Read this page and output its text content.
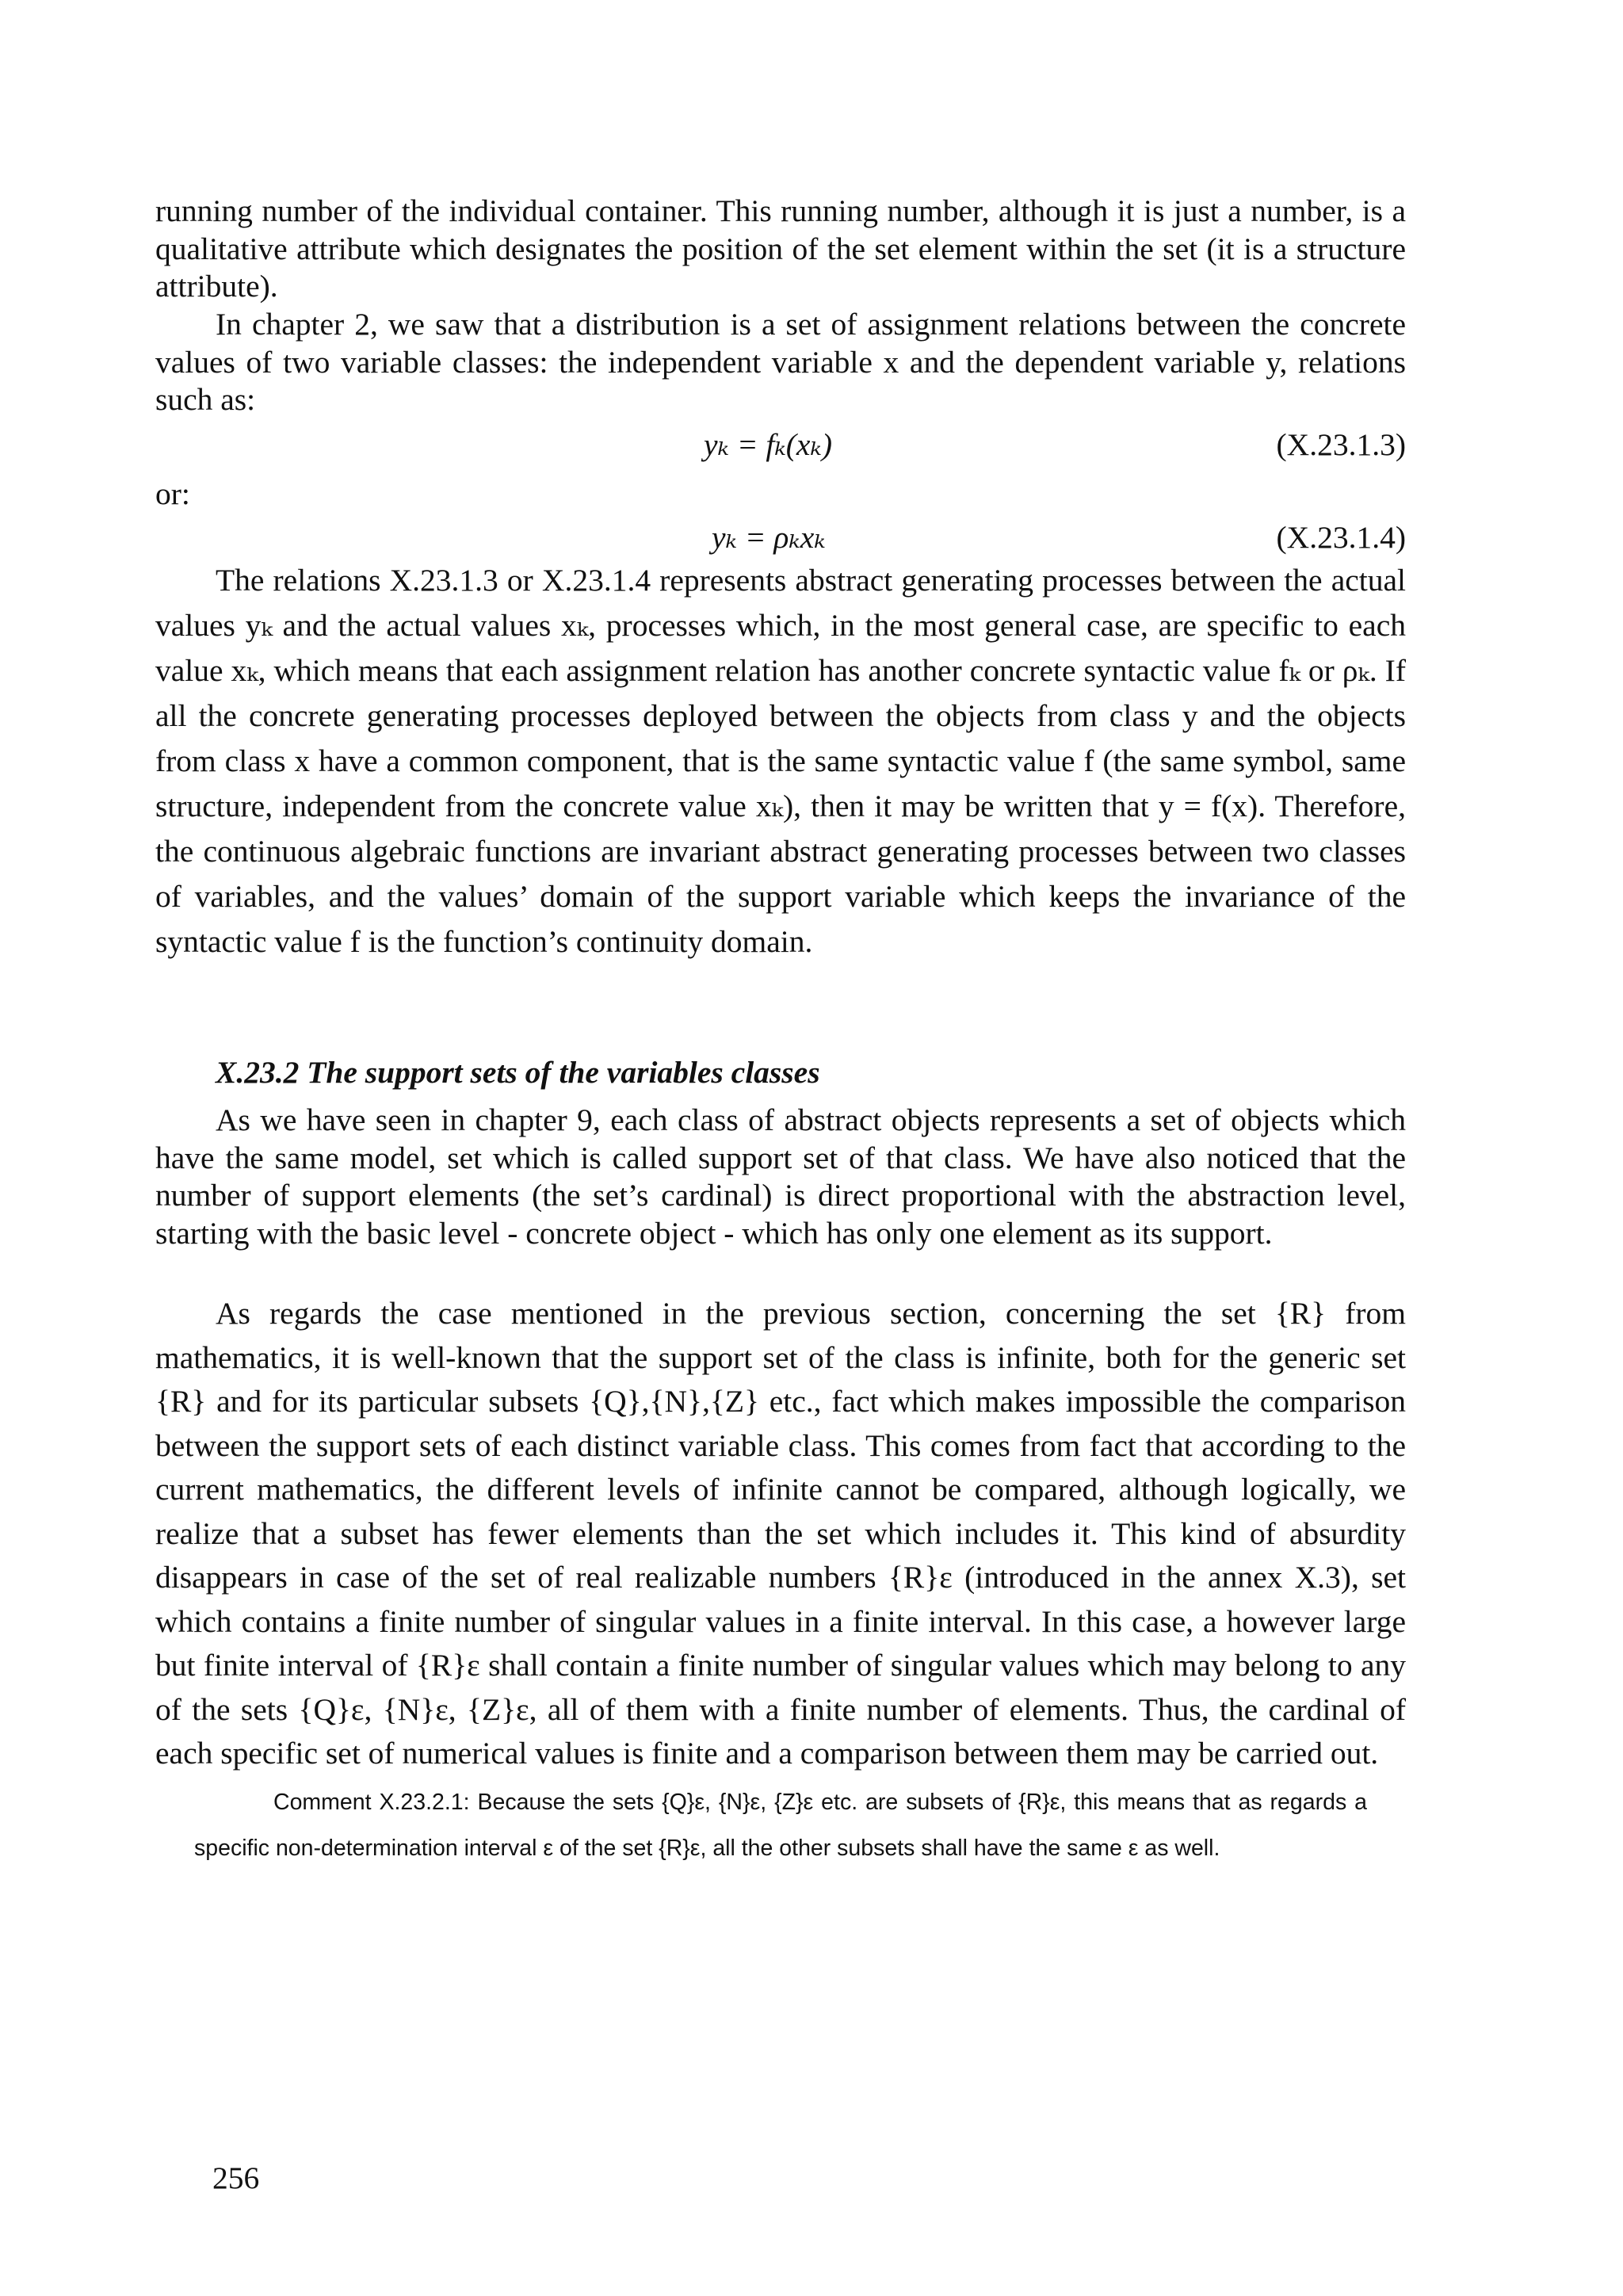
running number of the individual container. This running number, although it is just a number, is a qualitative attribute which designates the position of the set element within the set (it is a structure attribute).

In chapter 2, we saw that a distribution is a set of assignment relations between the concrete values of two variable classes: the independent variable x and the dependent variable y, relations such as:

yₖ = fₖ(xₖ)	(X.23.1.3)
or:
yₖ = ρₖxₖ	(X.23.1.4)

The relations X.23.1.3 or X.23.1.4 represents abstract generating processes between the actual values yₖ and the actual values xₖ, processes which, in the most general case, are specific to each value xₖ, which means that each assignment relation has another concrete syntactic value fₖ or ρₖ. If all the concrete generating processes deployed between the objects from class y and the objects from class x have a common component, that is the same syntactic value f (the same symbol, same structure, independent from the concrete value xₖ), then it may be written that y = f(x). Therefore, the continuous algebraic functions are invariant abstract generating processes between two classes of variables, and the values’ domain of the support variable which keeps the invariance of the syntactic value f is the function’s continuity domain.

X.23.2 The support sets of the variables classes

As we have seen in chapter 9, each class of abstract objects represents a set of objects which have the same model, set which is called support set of that class. We have also noticed that the number of support elements (the set’s cardinal) is direct proportional with the abstraction level, starting with the basic level - concrete object - which has only one element as its support.

As regards the case mentioned in the previous section, concerning the set {R} from mathematics, it is well-known that the support set of the class is infinite, both for the generic set {R} and for its particular subsets {Q},{N},{Z} etc., fact which makes impossible the comparison between the support sets of each distinct variable class. This comes from fact that according to the current mathematics, the different levels of infinite cannot be compared, although logically, we realize that a subset has fewer elements than the set which includes it. This kind of absurdity disappears in case of the set of real realizable numbers {R}ε (introduced in the annex X.3), set which contains a finite number of singular values in a finite interval. In this case, a however large but finite interval of {R}ε shall contain a finite number of singular values which may belong to any of the sets {Q}ε, {N}ε, {Z}ε, all of them with a finite number of elements. Thus, the cardinal of each specific set of numerical values is finite and a comparison between them may be carried out.

Comment X.23.2.1: Because the sets {Q}ε, {N}ε, {Z}ε etc. are subsets of {R}ε, this means that as regards a specific non-determination interval ε of the set {R}ε, all the other subsets shall have the same ε as well.

256
